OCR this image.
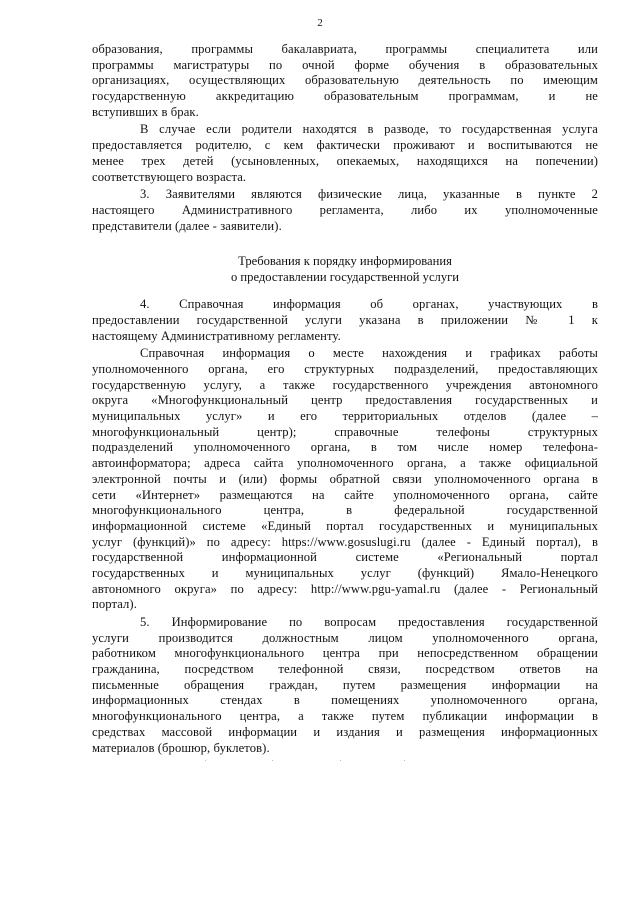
2
образования, программы бакалавриата, программы специалитета или
программы магистратуры по очной форме обучения в образовательных
организациях, осуществляющих образовательную деятельность по имеющим
государственную аккредитацию образовательным программам, и не
вступивших в брак.
В случае если родители находятся в разводе, то государственная услуга
предоставляется родителю, с кем фактически проживают и воспитываются не
менее трех детей (усыновленных, опекаемых, находящихся на попечении)
соответствующего возраста.
3. Заявителями являются физические лица, указанные в пункте 2
настоящего Административного регламента, либо их уполномоченные
представители (далее - заявители).
Требования к порядку информирования
о предоставлении государственной услуги
4. Справочная информация об органах, участвующих в
предоставлении государственной услуги указана в приложении № 1 к
настоящему Административному регламенту.
Справочная информация о месте нахождения и графиках работы
уполномоченного органа, его структурных подразделений, предоставляющих
государственную услугу, а также государственного учреждения автономного
округа «Многофункциональный центр предоставления государственных и
муниципальных услуг» и его территориальных отделов (далее –
многофункциональный центр); справочные телефоны структурных
подразделений уполномоченного органа, в том числе номер телефона-
автоинформатора; адреса сайта уполномоченного органа, а также официальной
электронной почты и (или) формы обратной связи уполномоченного органа в
сети «Интернет» размещаются на сайте уполномоченного органа, сайте
многофункционального центра, в федеральной государственной
информационной системе «Единый портал государственных и муниципальных
услуг (функций)» по адресу: https://www.gosuslugi.ru (далее - Единый портал), в
государственной информационной системе «Региональный портал
государственных и муниципальных услуг (функций) Ямало-Ненецкого
автономного округа» по адресу: http://www.pgu-yamal.ru (далее - Региональный
портал).
5. Информирование по вопросам предоставления государственной
услуги производится должностным лицом уполномоченного органа,
работником многофункционального центра при непосредственном обращении
гражданина, посредством телефонной связи, посредством ответов на
письменные обращения граждан, путем размещения информации на
информационных стендах в помещениях уполномоченного органа,
многофункционального центра, а также путем публикации информации в
средствах массовой информации и издания и размещения информационных
материалов (брошюр, буклетов).
